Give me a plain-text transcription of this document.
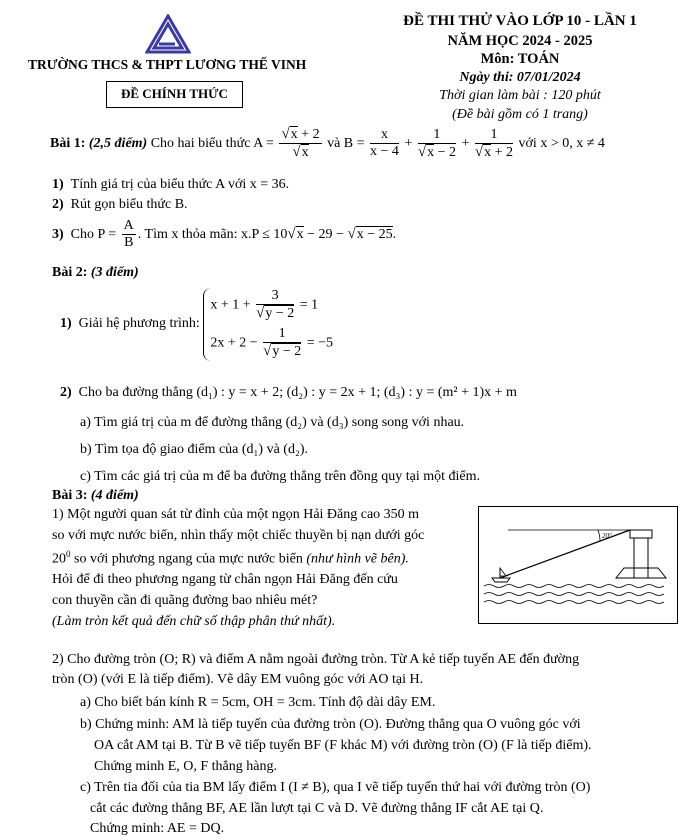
TRƯỜNG THCS & THPT LƯƠNG THẾ VINH
ĐỀ CHÍNH THỨC
ĐỀ THI THỬ VÀO LỚP 10 - LẦN 1
NĂM HỌC 2024 - 2025
Môn: TOÁN
Ngày thi: 07/01/2024
Thời gian làm bài : 120 phút
(Đề bài gồm có 1 trang)
Bài 1: (2,5 điểm) Cho hai biểu thức $A = \frac{√x + 2}{√x}$ và $B = \frac{x}{x - 4} + \frac{1}{√x - 2} + \frac{1}{√x + 2}$ với x > 0, x ≠ 4
1) Tính giá trị của biểu thức A với x = 36.
2) Rút gọn biểu thức B.
3) Cho $P = \frac{A}{B}$ . Tìm x thỏa mãn: x.P ≤ 10√x − 29 − √x − 25.
Bài 2: (3 điểm)
1) Giải hệ phương trình:
$x + 1 + \frac{3}{√y - 2} = 1$
$2x + 2 - \frac{1}{√y - 2} = -5$
2) Cho ba đường thẳng (d₁) : y = x + 2; (d₂) : y = 2x + 1; (d₃) : y = (m² + 1)x + m
a) Tìm giá trị của m để đường thẳng (d₂) và (d₃) song song với nhau.
b) Tìm tọa độ giao điểm của (d₁) và (d₂).
c) Tìm các giá trị của m để ba đường thẳng trên đồng quy tại một điểm.
Bài 3: (4 điểm)
1) Một người quan sát từ đỉnh của một ngọn Hải Đăng cao 350 m
so với mực nước biển, nhìn thấy một chiếc thuyền bị nạn dưới góc
$20^0$ so với phương ngang của mực nước biển (như hình vẽ bên).
Hỏi để đi theo phương ngang từ chân ngọn Hải Đăng đến cứu
con thuyền cần đi quãng đường bao nhiêu mét?
(Làm tròn kết quả đến chữ số thập phân thứ nhất).
20°
2) Cho đường tròn (O; R) và điểm A nằm ngoài đường tròn. Từ A kẻ tiếp tuyến AE đến đường
tròn (O) (với E là tiếp điểm). Vẽ dây EM vuông góc với AO tại H.
a) Cho biết bán kính R = 5cm, OH = 3cm. Tính độ dài dây EM.
b) Chứng minh: AM là tiếp tuyến của đường tròn (O). Đường thẳng qua O vuông góc với
OA cắt AM tại B. Từ B vẽ tiếp tuyến BF (F khác M) với đường tròn (O) (F là tiếp điểm).
Chứng minh E, O, F thẳng hàng.
c) Trên tia đối của tia BM lấy điểm I (I ≠ B), qua I vẽ tiếp tuyến thứ hai với đường tròn (O)
cắt các đường thẳng BF, AE lần lượt tại C và D. Vẽ đường thẳng IF cắt AE tại Q.
Chứng minh: AE = DQ.
